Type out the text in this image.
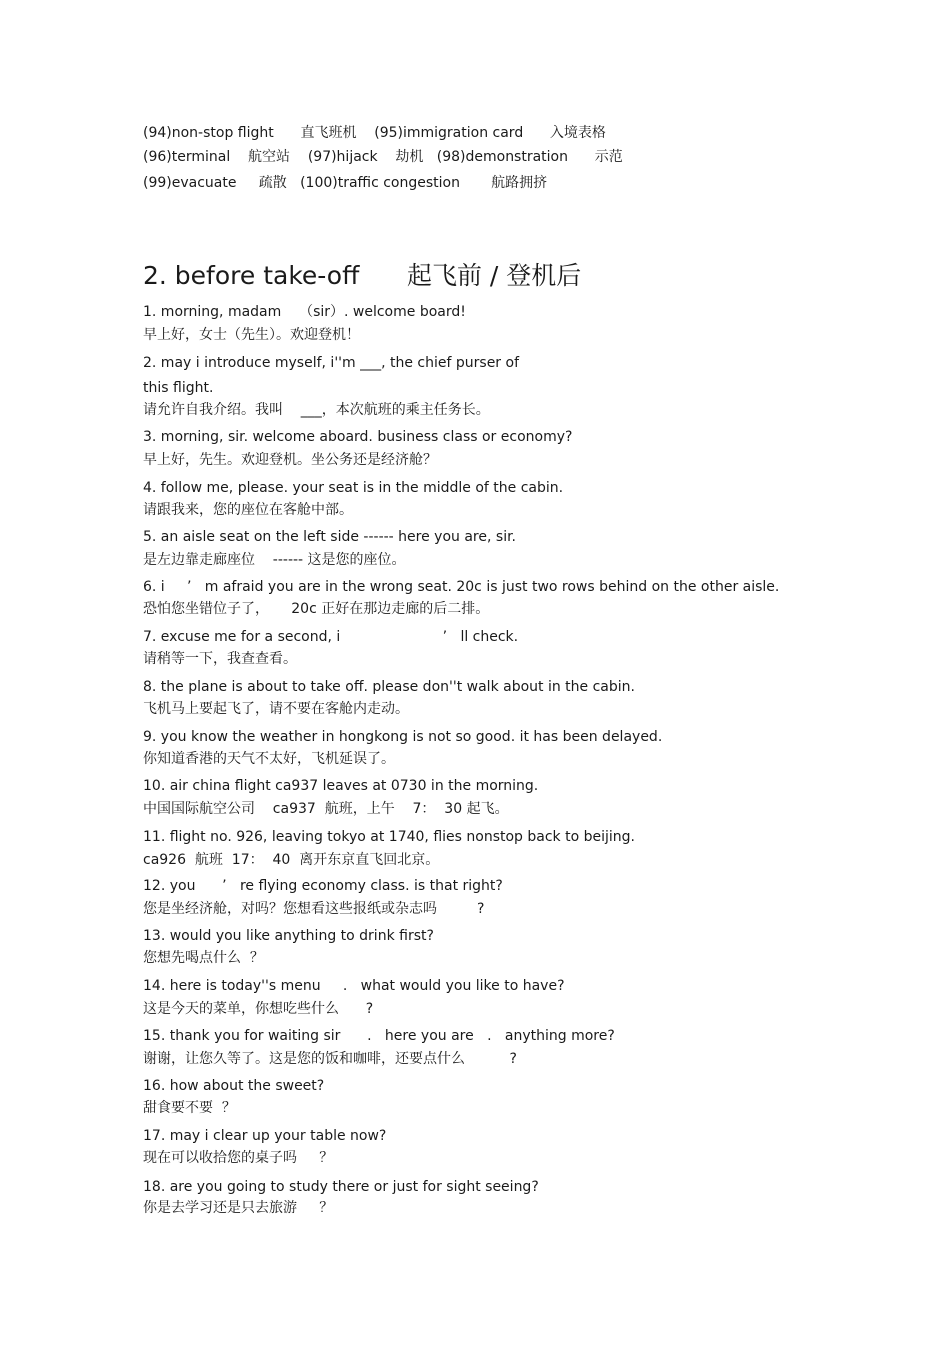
(94)non-stop flight      直飞班机    (95)immigration card      入境表格
(96)terminal    航空站    (97)hijack    劫机   (98)demonstration      示范
(99)evacuate     疏散   (100)traffic congestion       航路拥挤
2. before take-off      起飞前 / 登机后
1. morning, madam    （sir）. welcome board!
早上好，女士（先生）。欢迎登机！
2. may i introduce myself, i''m ___, the chief purser of
this flight.
请允许自我介绍。我叫    ___，本次航班的乘主任务长。
3. morning, sir. welcome aboard. business class or economy?
早上好，先生。欢迎登机。坐公务还是经济舱？
4. follow me, please. your seat is in the middle of the cabin.
请跟我来，您的座位在客舱中部。
5. an aisle seat on the left side ------ here you are, sir.
是左边靠走廊座位    ------ 这是您的座位。
6. i     ’   m afraid you are in the wrong seat. 20c is just two rows behind on the other aisle.
恐怕您坐错位子了，     20c 正好在那边走廊的后二排。
7. excuse me for a second, i                       ’   ll check.
请稍等一下，我查查看。
8. the plane is about to take off. please don''t walk about in the cabin.
飞机马上要起飞了，请不要在客舱内走动。
9. you know the weather in hongkong is not so good. it has been delayed.
你知道香港的天气不太好，飞机延误了。
10. air china flight ca937 leaves at 0730 in the morning.
中国国际航空公司    ca937  航班，上午    7：  30 起飞。
11. flight no. 926, leaving tokyo at 1740, flies nonstop back to beijing.
ca926  航班  17：  40  离开东京直飞回北京。
12. you      ’   re flying economy class. is that right?
您是坐经济舱，对吗？您想看这些报纸或杂志吗         ?
13. would you like anything to drink first?
您想先喝点什么  ？
14. here is today''s menu     .   what would you like to have?
这是今天的菜单，你想吃些什么      ?
15. thank you for waiting sir      .   here you are   .   anything more?
谢谢，让您久等了。这是您的饭和咖啡，还要点什么          ?
16. how about the sweet?
甜食要不要  ？
17. may i clear up your table now?
现在可以收拾您的桌子吗     ？
18. are you going to study there or just for sight seeing?
你是去学习还是只去旅游     ？
